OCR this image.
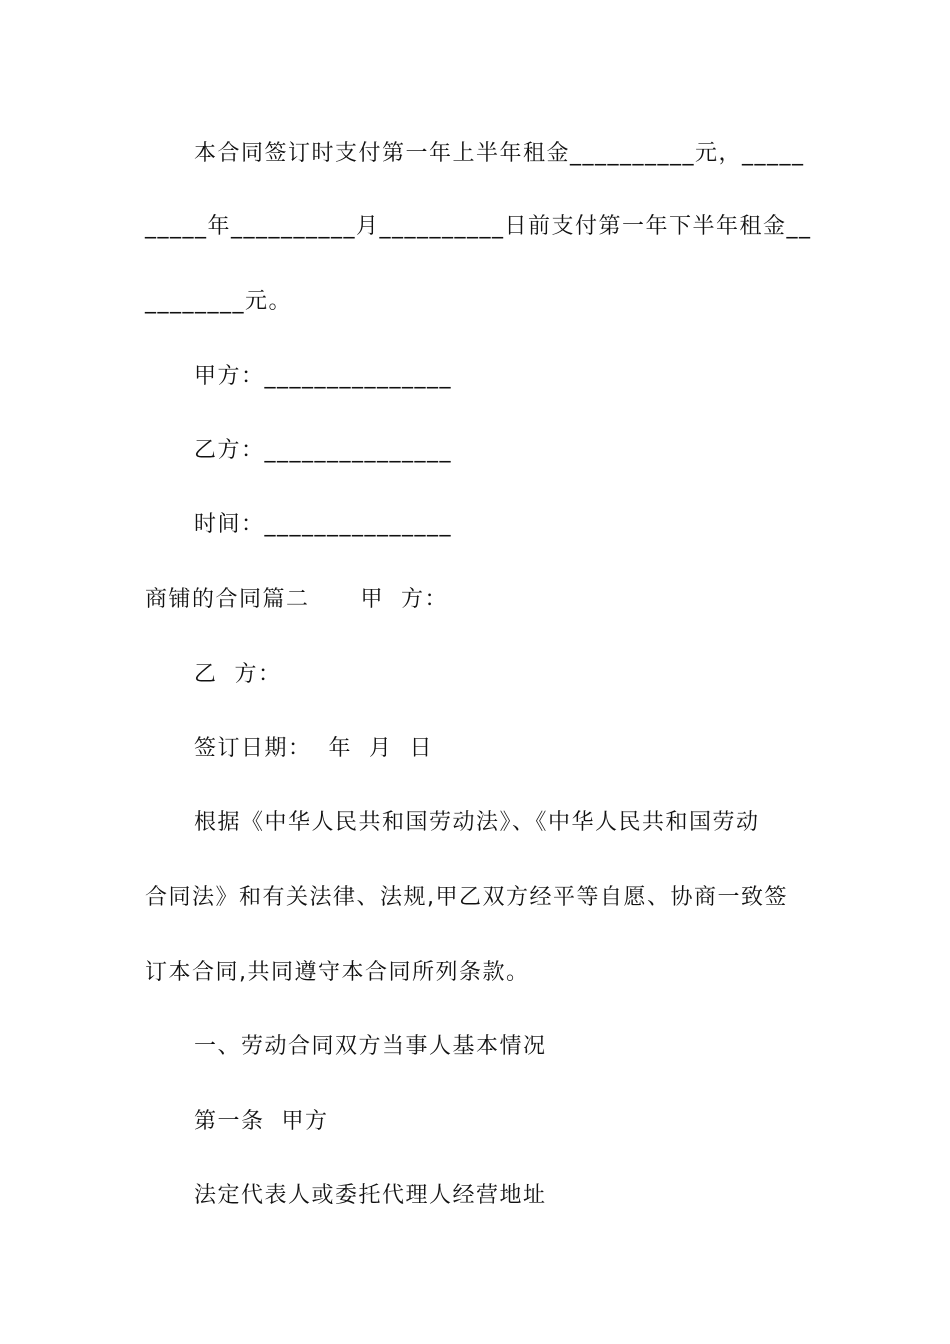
本合同签订时支付第一年上半年租金__________元，_____
_____年__________月__________日前支付第一年下半年租金__
________元。
甲方：_______________
乙方：_______________
时间：_______________
商铺的合同篇二      甲  方：
乙  方：
签订日期：  年  月  日
根据《中华人民共和国劳动法》、《中华人民共和国劳动
合同法》和有关法律、法规,甲乙双方经平等自愿、协商一致签
订本合同,共同遵守本合同所列条款。
一、劳动合同双方当事人基本情况
第一条  甲方
法定代表人或委托代理人经营地址
